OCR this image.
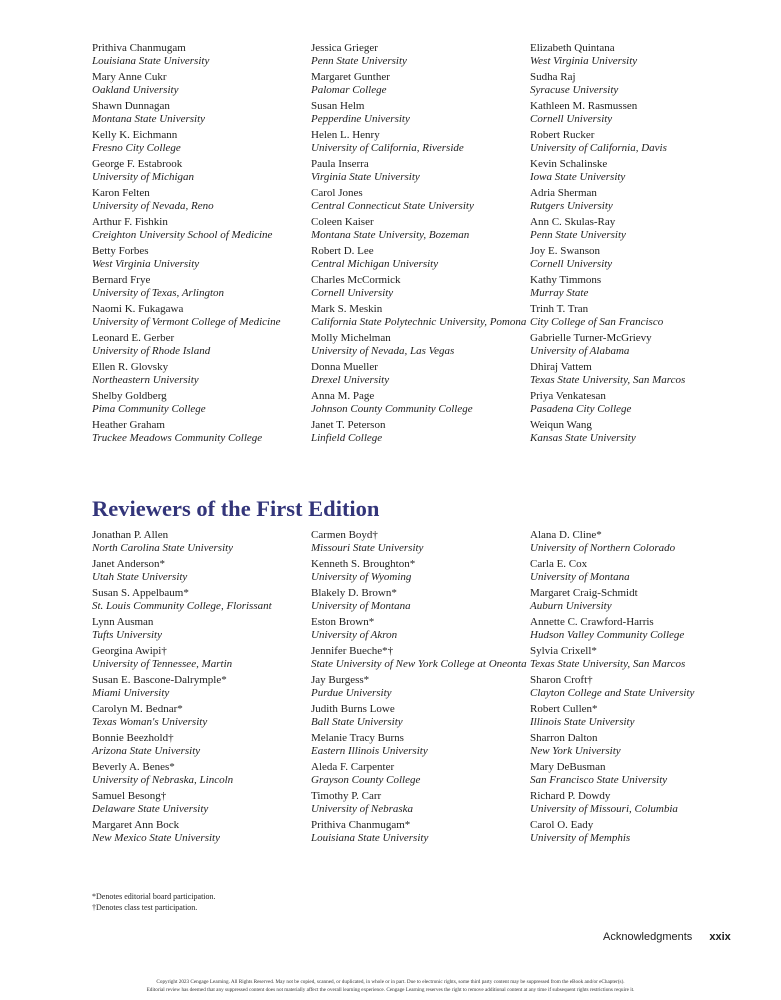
Prithiva Chanmugam
Louisiana State University
Mary Anne Cukr
Oakland University
Shawn Dunnagan
Montana State University
Kelly K. Eichmann
Fresno City College
George F. Estabrook
University of Michigan
Karon Felten
University of Nevada, Reno
Arthur F. Fishkin
Creighton University School of Medicine
Betty Forbes
West Virginia University
Bernard Frye
University of Texas, Arlington
Naomi K. Fukagawa
University of Vermont College of Medicine
Leonard E. Gerber
University of Rhode Island
Ellen R. Glovsky
Northeastern University
Shelby Goldberg
Pima Community College
Heather Graham
Truckee Meadows Community College
Jessica Grieger
Penn State University
Margaret Gunther
Palomar College
Susan Helm
Pepperdine University
Helen L. Henry
University of California, Riverside
Paula Inserra
Virginia State University
Carol Jones
Central Connecticut State University
Coleen Kaiser
Montana State University, Bozeman
Robert D. Lee
Central Michigan University
Charles McCormick
Cornell University
Mark S. Meskin
California State Polytechnic University, Pomona
Molly Michelman
University of Nevada, Las Vegas
Donna Mueller
Drexel University
Anna M. Page
Johnson County Community College
Janet T. Peterson
Linfield College
Elizabeth Quintana
West Virginia University
Sudha Raj
Syracuse University
Kathleen M. Rasmussen
Cornell University
Robert Rucker
University of California, Davis
Kevin Schalinske
Iowa State University
Adria Sherman
Rutgers University
Ann C. Skulas-Ray
Penn State University
Joy E. Swanson
Cornell University
Kathy Timmons
Murray State
Trinh T. Tran
City College of San Francisco
Gabrielle Turner-McGrievy
University of Alabama
Dhiraj Vattem
Texas State University, San Marcos
Priya Venkatesan
Pasadena City College
Weiqun Wang
Kansas State University
Reviewers of the First Edition
Jonathan P. Allen
North Carolina State University
Janet Anderson*
Utah State University
Susan S. Appelbaum*
St. Louis Community College, Florissant
Lynn Ausman
Tufts University
Georgina Awipi†
University of Tennessee, Martin
Susan E. Bascone-Dalrymple*
Miami University
Carolyn M. Bednar*
Texas Woman's University
Bonnie Beezhold†
Arizona State University
Beverly A. Benes*
University of Nebraska, Lincoln
Samuel Besong†
Delaware State University
Margaret Ann Bock
New Mexico State University
Carmen Boyd†
Missouri State University
Kenneth S. Broughton*
University of Wyoming
Blakely D. Brown*
University of Montana
Eston Brown*
University of Akron
Jennifer Bueche*†
State University of New York College at Oneonta
Jay Burgess*
Purdue University
Judith Burns Lowe
Ball State University
Melanie Tracy Burns
Eastern Illinois University
Aleda F. Carpenter
Grayson County College
Timothy P. Carr
University of Nebraska
Prithiva Chanmugam*
Louisiana State University
Alana D. Cline*
University of Northern Colorado
Carla E. Cox
University of Montana
Margaret Craig-Schmidt
Auburn University
Annette C. Crawford-Harris
Hudson Valley Community College
Sylvia Crixell*
Texas State University, San Marcos
Sharon Croft†
Clayton College and State University
Robert Cullen*
Illinois State University
Sharron Dalton
New York University
Mary DeBusman
San Francisco State University
Richard P. Dowdy
University of Missouri, Columbia
Carol O. Eady
University of Memphis
*Denotes editorial board participation.
†Denotes class test participation.
Acknowledgments xxix
Copyright 2023 Cengage Learning. All Rights Reserved. May not be copied, scanned, or duplicated, in whole or in part. Due to electronic rights, some third party content may be suppressed from the eBook and/or eChapter(s).
Editorial review has deemed that any suppressed content does not materially affect the overall learning experience. Cengage Learning reserves the right to remove additional content at any time if subsequent rights restrictions require it.
